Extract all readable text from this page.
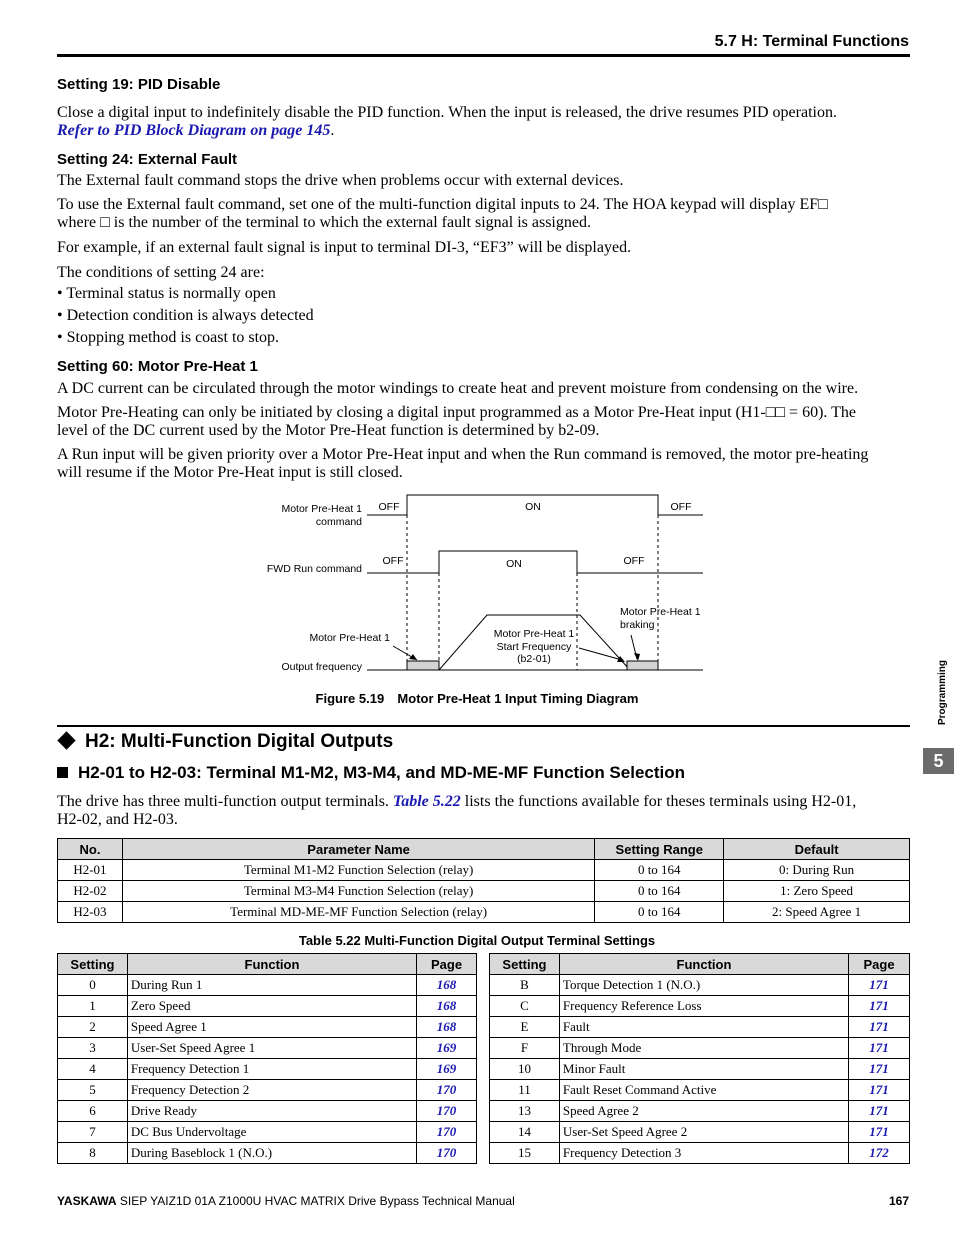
5.7 H: Terminal Functions
Setting 19: PID Disable
Close a digital input to indefinitely disable the PID function. When the input is released, the drive resumes PID operation.
Refer to PID Block Diagram on page 145.
Setting 24: External Fault
The External fault command stops the drive when problems occur with external devices.
To use the External fault command, set one of the multi-function digital inputs to 24. The HOA keypad will display EF□
where □ is the number of the terminal to which the external fault signal is assigned.
For example, if an external fault signal is input to terminal DI-3, “EF3” will be displayed.
The conditions of setting 24 are:
• Terminal status is normally open
• Detection condition is always detected
• Stopping method is coast to stop.
Setting 60: Motor Pre-Heat 1
A DC current can be circulated through the motor windings to create heat and prevent moisture from condensing on the wire.
Motor Pre-Heating can only be initiated by closing a digital input programmed as a Motor Pre-Heat input (H1-□□ = 60). The
level of the DC current used by the Motor Pre-Heat function is determined by b2-09.
A Run input will be given priority over a Motor Pre-Heat input and when the Run command is removed, the motor pre-heating
will resume if the Motor Pre-Heat input is still closed.
Motor Pre-Heat 1
command
FWD Run command
Motor Pre-Heat 1
Output frequency
OFF	ON	OFF
OFF	ON	OFF
Motor Pre-Heat 1
Start Frequency
(b2-01)
Motor Pre-Heat 1
braking
Figure 5.19 Motor Pre-Heat 1 Input Timing Diagram
H2: Multi-Function Digital Outputs
H2-01 to H2-03: Terminal M1-M2, M3-M4, and MD-ME-MF Function Selection
The drive has three multi-function output terminals. Table 5.22 lists the functions available for theses terminals using H2-01,
H2-02, and H2-03.
No.	Parameter Name	Setting Range	Default
H2-01	Terminal M1-M2 Function Selection (relay)	0 to 164	0: During Run
H2-02	Terminal M3-M4 Function Selection (relay)	0 to 164	1: Zero Speed
H2-03	Terminal MD-ME-MF Function Selection (relay)	0 to 164	2: Speed Agree 1
Table 5.22 Multi-Function Digital Output Terminal Settings
Setting	Function	Page
0	During Run 1	168
1	Zero Speed	168
2	Speed Agree 1	168
3	User-Set Speed Agree 1	169
4	Frequency Detection 1	169
5	Frequency Detection 2	170
6	Drive Ready	170
7	DC Bus Undervoltage	170
8	During Baseblock 1 (N.O.)	170
Setting	Function	Page
B	Torque Detection 1 (N.O.)	171
C	Frequency Reference Loss	171
E	Fault	171
F	Through Mode	171
10	Minor Fault	171
11	Fault Reset Command Active	171
13	Speed Agree 2	171
14	User-Set Speed Agree 2	171
15	Frequency Detection 3	172
Programming
5
YASKAWA SIEP YAIZ1D 01A Z1000U HVAC MATRIX Drive Bypass Technical Manual	167
